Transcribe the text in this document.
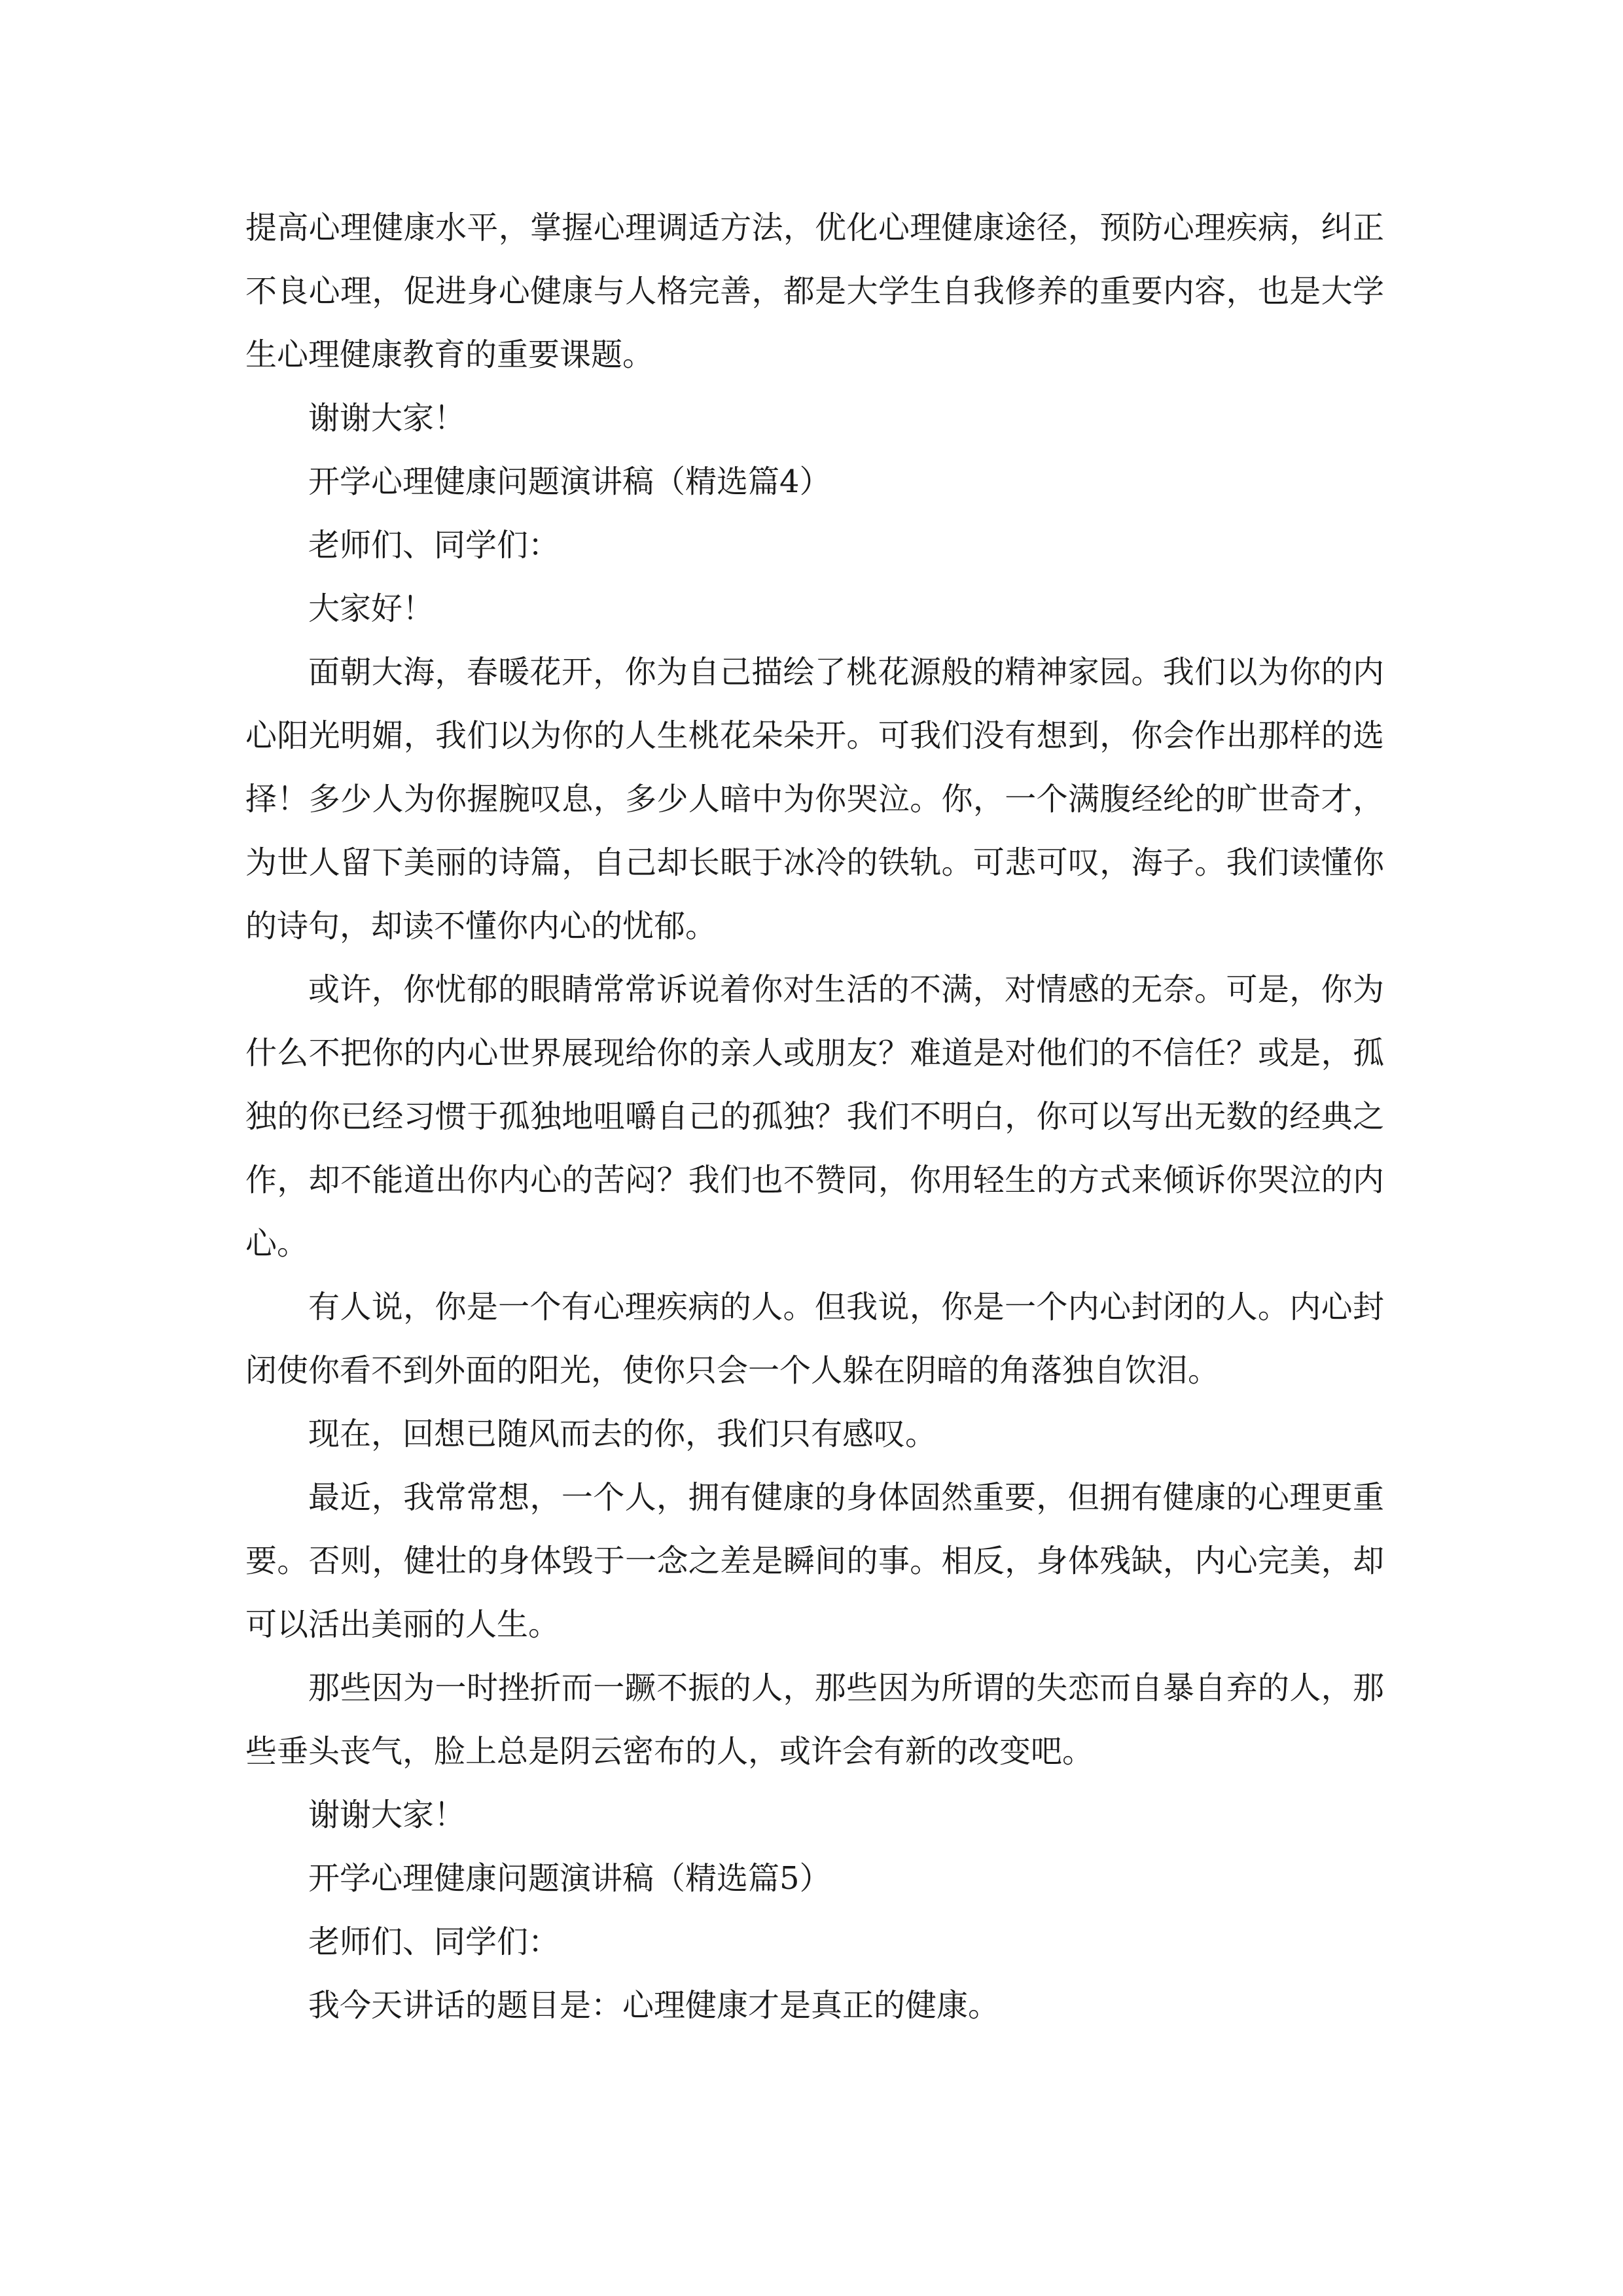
提高心理健康水平，掌握心理调适方法，优化心理健康途径，预防心理疾病，纠正不良心理，促进身心健康与人格完善，都是大学生自我修养的重要内容，也是大学生心理健康教育的重要课题。

谢谢大家！

开学心理健康问题演讲稿（精选篇4）

老师们、同学们：

大家好！

面朝大海，春暖花开，你为自己描绘了桃花源般的精神家园。我们以为你的内心阳光明媚，我们以为你的人生桃花朵朵开。可我们没有想到，你会作出那样的选择！多少人为你握腕叹息，多少人暗中为你哭泣。你，一个满腹经纶的旷世奇才，为世人留下美丽的诗篇，自己却长眠于冰冷的铁轨。可悲可叹，海子。我们读懂你的诗句，却读不懂你内心的忧郁。

或许，你忧郁的眼睛常常诉说着你对生活的不满，对情感的无奈。可是，你为什么不把你的内心世界展现给你的亲人或朋友？难道是对他们的不信任？或是，孤独的你已经习惯于孤独地咀嚼自己的孤独？我们不明白，你可以写出无数的经典之作，却不能道出你内心的苦闷？我们也不赞同，你用轻生的方式来倾诉你哭泣的内心。

有人说，你是一个有心理疾病的人。但我说，你是一个内心封闭的人。内心封闭使你看不到外面的阳光，使你只会一个人躲在阴暗的角落独自饮泪。

现在，回想已随风而去的你，我们只有感叹。

最近，我常常想，一个人，拥有健康的身体固然重要，但拥有健康的心理更重要。否则，健壮的身体毁于一念之差是瞬间的事。相反，身体残缺，内心完美，却可以活出美丽的人生。

那些因为一时挫折而一蹶不振的人，那些因为所谓的失恋而自暴自弃的人，那些垂头丧气，脸上总是阴云密布的人，或许会有新的改变吧。

谢谢大家！

开学心理健康问题演讲稿（精选篇5）

老师们、同学们：

我今天讲话的题目是：心理健康才是真正的健康。
